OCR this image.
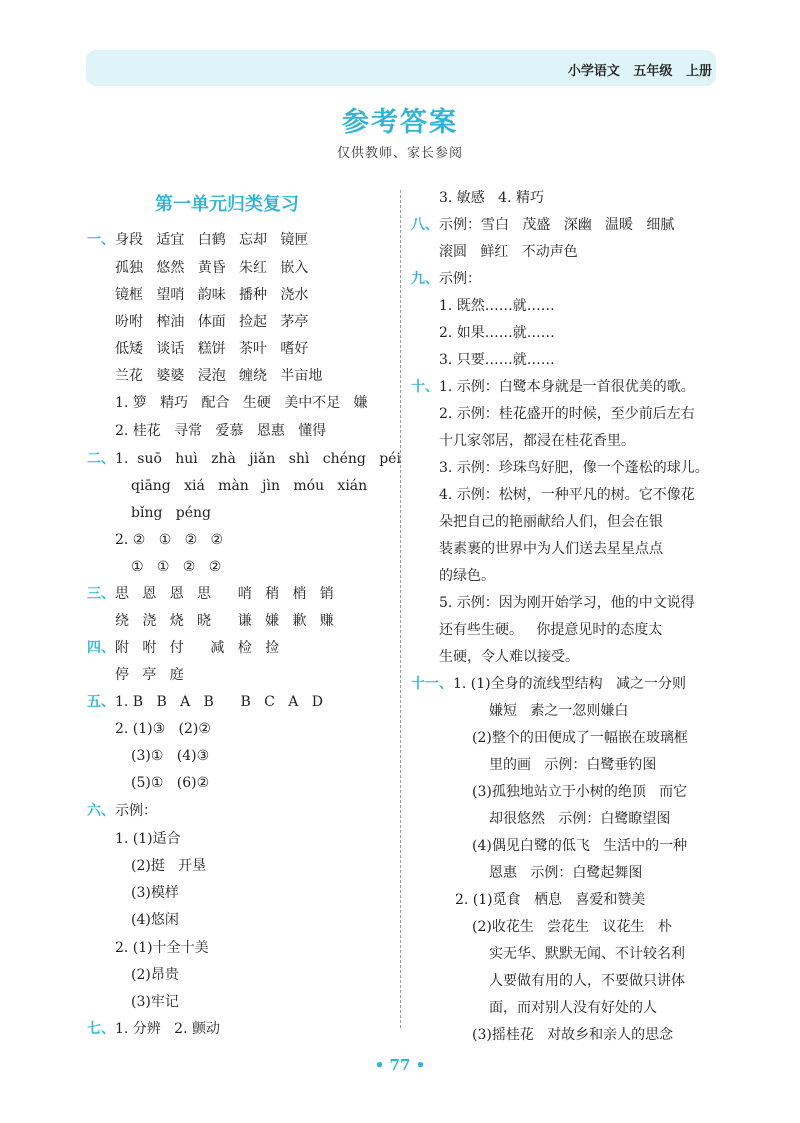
小学语文   五年级   上册
参考答案
仅供教师、家长参阅
第一单元归类复习
一、身段   适宜   白鹤   忘却   镜匣
孤独   悠然   黄昏   朱红   嵌入
镜框   望哨   韵味   播种   浇水
吩咐   榨油   体面   捡起   茅亭
低矮   谈话   糕饼   茶叶   嗜好
兰花   婆婆   浸泡   缠绕   半亩地
1. 箩   精巧   配合   生硬   美中不足   嫌
2. 桂花   寻常   爱慕   恩惠   懂得
二、1.  suō   huì   zhà   jiǎn   shì   chéng   péi
qiāng   xiá   màn   jìn   móu   xián
bǐng   péng
2. ②   ①   ②   ②
①   ①   ②   ②
三、思   恩   恩   思      哨   稍   梢   销
绕   浇   烧   晓      谦   嫌   歉   赚
四、附   咐   付      减   检   捡
停   亭   庭
五、1. B   B   A   B      B   C   A   D
2. (1)③   (2)②
(3)①   (4)③
(5)①   (6)②
六、示例：
1. (1)适合
(2)挺   开垦
(3)模样
(4)悠闲
2. (1)十全十美
(2)昂贵
(3)牢记
七、1. 分辨   2. 颤动
3. 敏感   4. 精巧
八、示例：雪白   茂盛   深幽   温暖   细腻
滚圆   鲜红   不动声色
九、示例：
1. 既然……就……
2. 如果……就……
3. 只要……就……
十、1. 示例：白鹭本身就是一首很优美的歌。
2. 示例：桂花盛开的时候，至少前后左右
十几家邻居，都浸在桂花香里。
3. 示例：珍珠鸟好肥，像一个蓬松的球儿。
4. 示例：松树，一种平凡的树。它不像花
朵把自己的艳丽献给人们，但会在银
装素裹的世界中为人们送去星星点点
的绿色。
5. 示例：因为刚开始学习，他的中文说得
还有些生硬。   你提意见时的态度太
生硬，令人难以接受。
十一、1. (1)全身的流线型结构   减之一分则
嫌短   素之一忽则嫌白
(2)整个的田便成了一幅嵌在玻璃框
里的画   示例：白鹭垂钓图
(3)孤独地站立于小树的绝顶   而它
却很悠然   示例：白鹭瞭望图
(4)偶见白鹭的低飞   生活中的一种
恩惠   示例：白鹭起舞图
2. (1)觅食   栖息   喜爱和赞美
(2)收花生   尝花生   议花生   朴
实无华、默默无闻、不计较名利
人要做有用的人，不要做只讲体
面，而对别人没有好处的人
(3)摇桂花   对故乡和亲人的思念
• 77 •
